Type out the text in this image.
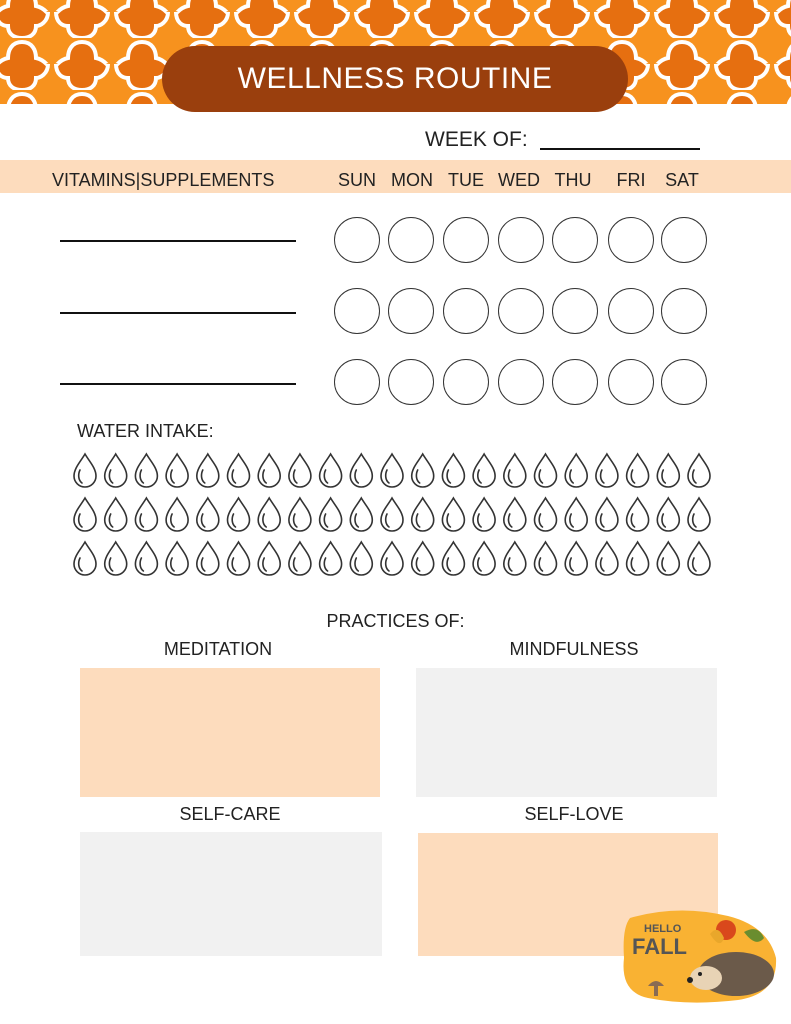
WELLNESS ROUTINE
WEEK OF:
VITAMINS|SUPPLEMENTS	SUN MON TUE WED THU	FRI	SAT
WATER INTAKE:
PRACTICES OF:
MEDITATION	MINDFULNESS
SELF-CARE	SELF-LOVE
HELLO
FALL
